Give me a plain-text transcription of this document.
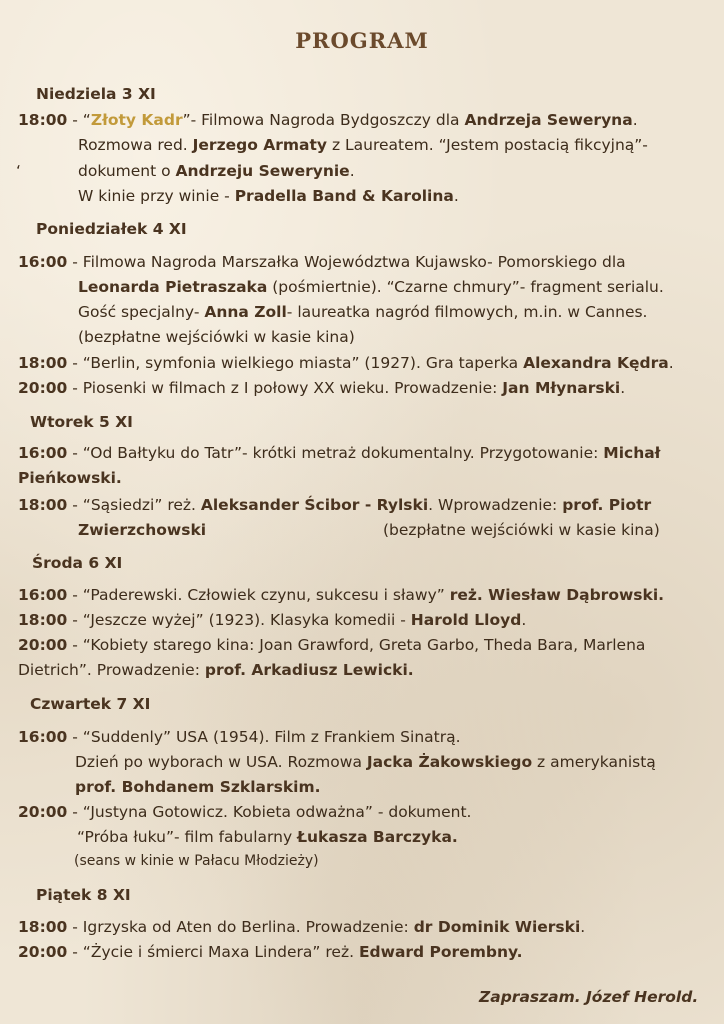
PROGRAM
Niedziela 3 XI
18:00 - “Złoty Kadr”- Filmowa Nagroda Bydgoszczy dla Andrzeja Seweryna.
Rozmowa red. Jerzego Armaty z Laureatem. “Jestem postacią fikcyjną”-
‘	dokument o Andrzeju Sewerynie.
W kinie przy winie - Pradella Band & Karolina.
Poniedziałek 4 XI
16:00 - Filmowa Nagroda Marszałka Województwa Kujawsko- Pomorskiego dla
Leonarda Pietraszaka (pośmiertnie). “Czarne chmury”- fragment serialu.
Gość specjalny- Anna Zoll- laureatka nagród filmowych, m.in. w Cannes.
(bezpłatne wejściówki w kasie kina)
18:00 - “Berlin, symfonia wielkiego miasta” (1927). Gra taperka Alexandra Kędra.
20:00 - Piosenki w filmach z I połowy XX wieku. Prowadzenie: Jan Młynarski.
Wtorek 5 XI
16:00 - “Od Bałtyku do Tatr”- krótki metraż dokumentalny. Przygotowanie: Michał
Pieńkowski.
18:00 - “Sąsiedzi” reż. Aleksander Ścibor - Rylski. Wprowadzenie: prof. Piotr
Zwierzchowski	(bezpłatne wejściówki w kasie kina)
Środa 6 XI
16:00 - “Paderewski. Człowiek czynu, sukcesu i sławy” reż. Wiesław Dąbrowski.
18:00 - “Jeszcze wyżej” (1923). Klasyka komedii - Harold Lloyd.
20:00 - “Kobiety starego kina: Joan Grawford, Greta Garbo, Theda Bara, Marlena
Dietrich”. Prowadzenie: prof. Arkadiusz Lewicki.
Czwartek 7 XI
16:00 - “Suddenly” USA (1954). Film z Frankiem Sinatrą.
Dzień po wyborach w USA. Rozmowa Jacka Żakowskiego z amerykanistą
prof. Bohdanem Szklarskim.
20:00 - “Justyna Gotowicz. Kobieta odważna” - dokument.
“Próba łuku”- film fabularny Łukasza Barczyka.
(seans w kinie w Pałacu Młodzieży)
Piątek 8 XI
18:00 - Igrzyska od Aten do Berlina. Prowadzenie: dr Dominik Wierski.
20:00 - “Życie i śmierci Maxa Lindera” reż. Edward Porembny.
Zapraszam. Józef Herold.
